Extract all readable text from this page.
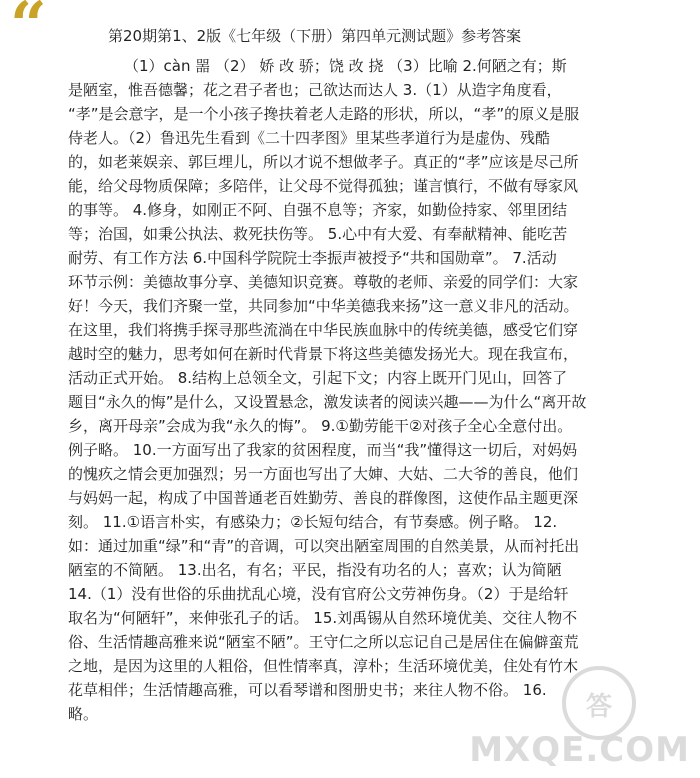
“	第20期第1、2版《七年级（下册）第四单元测试题》参考答案
（1）càn 噐 （2） 娇 改 骄；饶 改 挠 （3）比喻 2.何陋之有；斯
是陋室，惟吾德馨；花之君子者也；己欲达而达人 3.（1）从造字角度看，
“孝”是会意字，是一个小孩子搀扶着老人走路的形状，所以，“孝”的原义是服
侍老人。（2）鲁迅先生看到《二十四孝图》里某些孝道行为是虚伪、残酷
的，如老莱娱亲、郭巨埋儿，所以才说不想做孝子。真正的“孝”应该是尽己所
能，给父母物质保障；多陪伴，让父母不觉得孤独；谨言慎行，不做有辱家风
的事等。 4.修身，如刚正不阿、自强不息等；齐家，如勤俭持家、邻里团结
等；治国，如秉公执法、救死扶伤等。 5.心中有大爱、有奉献精神、能吃苦
耐劳、有工作方法 6.中国科学院院士李振声被授予“共和国勋章”。 7.活动
环节示例：美德故事分享、美德知识竞赛。尊敬的老师、亲爱的同学们：大家
好！今天，我们齐聚一堂，共同参加“中华美德我来扬”这一意义非凡的活动。
在这里，我们将携手探寻那些流淌在中华民族血脉中的传统美德，感受它们穿
越时空的魅力，思考如何在新时代背景下将这些美德发扬光大。现在我宣布，
活动正式开始。 8.结构上总领全文，引起下文；内容上既开门见山，回答了
题目“永久的悔”是什么，又设置悬念，激发读者的阅读兴趣——为什么“离开故
乡，离开母亲”会成为我“永久的悔”。 9.①勤劳能干②对孩子全心全意付出。
例子略。 10.一方面写出了我家的贫困程度，而当“我”懂得这一切后，对妈妈
的愧疚之情会更加强烈；另一方面也写出了大婶、大姑、二大爷的善良，他们
与妈妈一起，构成了中国普通老百姓勤劳、善良的群像图，这使作品主题更深
刻。 11.①语言朴实，有感染力；②长短句结合，有节奏感。例子略。 12.
如：通过加重“绿”和“青”的音调，可以突出陋室周围的自然美景，从而衬托出
陋室的不简陋。 13.出名，有名；平民，指没有功名的人；喜欢；认为简陋
14.（1）没有世俗的乐曲扰乱心境，没有官府公文劳神伤身。（2）于是给轩
取名为“何陋轩”，来伸张孔子的话。 15.刘禹锡从自然环境优美、交往人物不
俗、生活情趣高雅来说“陋室不陋”。王守仁之所以忘记自己是居住在偏僻蛮荒
之地，是因为这里的人粗俗，但性情率真，淳朴；生活环境优美，住处有竹木
花草相伴；生活情趣高雅，可以看琴谱和图册史书；来往人物不俗。 16.
略。	答
MXQE.COM
